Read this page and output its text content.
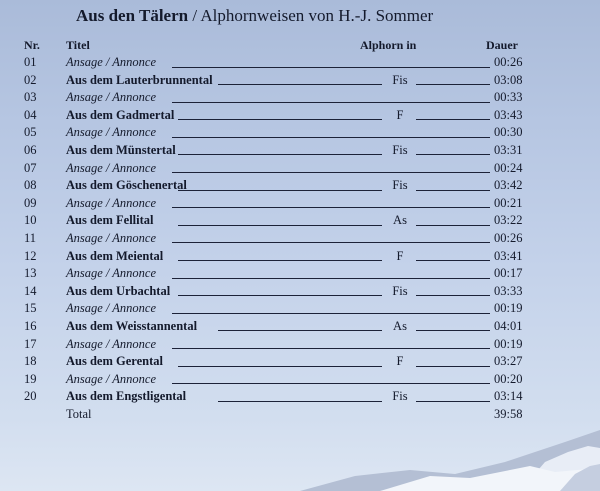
Aus den Tälern / Alphornweisen von H.-J. Sommer
Nr. Titel	Alphorn in	Dauer
01	Ansage / Annonce	00:26
02	Aus dem Lauterbrunnental	Fis	03:08
03	Ansage / Annonce	00:33
04	Aus dem Gadmertal	F	03:43
05	Ansage / Annonce	00:30
06	Aus dem Münstertal	Fis	03:31
07	Ansage / Annonce	00:24
08	Aus dem Göschenertal	Fis	03:42
09	Ansage / Annonce	00:21
10	Aus dem Fellital	As	03:22
11	Ansage / Annonce	00:26
12	Aus dem Meiental	F	03:41
13	Ansage / Annonce	00:17
14	Aus dem Urbachtal	Fis	03:33
15	Ansage / Annonce	00:19
16	Aus dem Weisstannental	As	04:01
17	Ansage / Annonce	00:19
18	Aus dem Gerental	F	03:27
19	Ansage / Annonce	00:20
20	Aus dem Engstligental	Fis	03:14
Total	39:58
